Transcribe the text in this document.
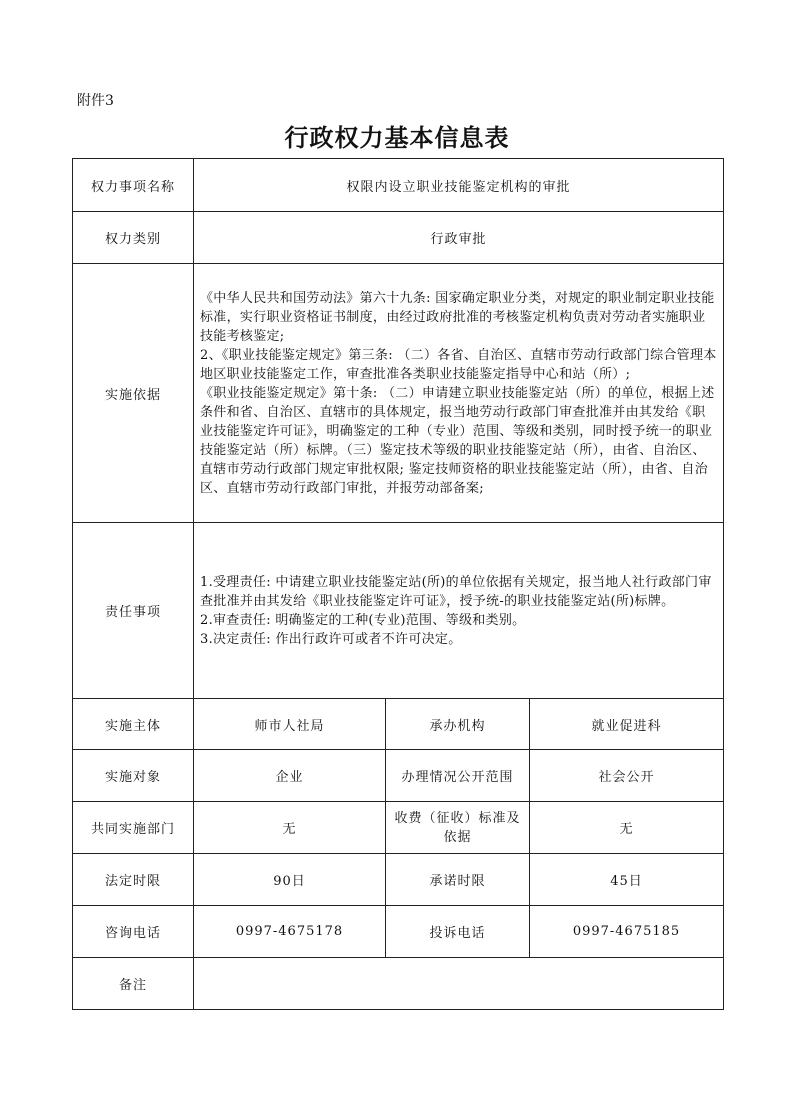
附件3
行政权力基本信息表
权力事项名称	权限内设立职业技能鉴定机构的审批		
权力类别	行政审批		
实施依据	《中华人民共和国劳动法》第六十九条: 国家确定职业分类，对规定的职业制定职业技能标准，实行职业资格证书制度，由经过政府批准的考核鉴定机构负责对劳动者实施职业技能考核鉴定;
2、《职业技能鉴定规定》第三条: （二）各省、自治区、直辖市劳动行政部门综合管理本地区职业技能鉴定工作，审查批准各类职业技能鉴定指导中心和站（所）;
《职业技能鉴定规定》第十条: （二）申请建立职业技能鉴定站（所）的单位，根据上述条件和省、自治区、直辖市的具体规定，报当地劳动行政部门审查批准并由其发给《职业技能鉴定许可证》，明确鉴定的工种（专业）范围、等级和类别，同时授予统一的职业技能鉴定站（所）标牌。（三）鉴定技术等级的职业技能鉴定站（所），由省、自治区、直辖市劳动行政部门规定审批权限; 鉴定技师资格的职业技能鉴定站（所），由省、自治区、直辖市劳动行政部门审批，并报劳动部备案;		

责任事项	1.受理责任: 中请建立职业技能鉴定站(所)的单位依据有关规定，报当地人社行政部门审查批准并由其发给《职业技能鉴定许可证》，授予统-的职业技能鉴定站(所)标牌。
2.审查责任: 明确鉴定的工种(专业)范围、等级和类别。
3.决定责任: 作出行政许可或者不许可决定。		

实施主体	师市人社局	承办机构	就业促进科
实施对象	企业	办理情况公开范围	社会公开
共同实施部门	无	收费（征收）标准及依据	无
法定时限	90日	承诺时限	45日
咨询电话	0997-4675178	投诉电话	0997-4675185
备注			
